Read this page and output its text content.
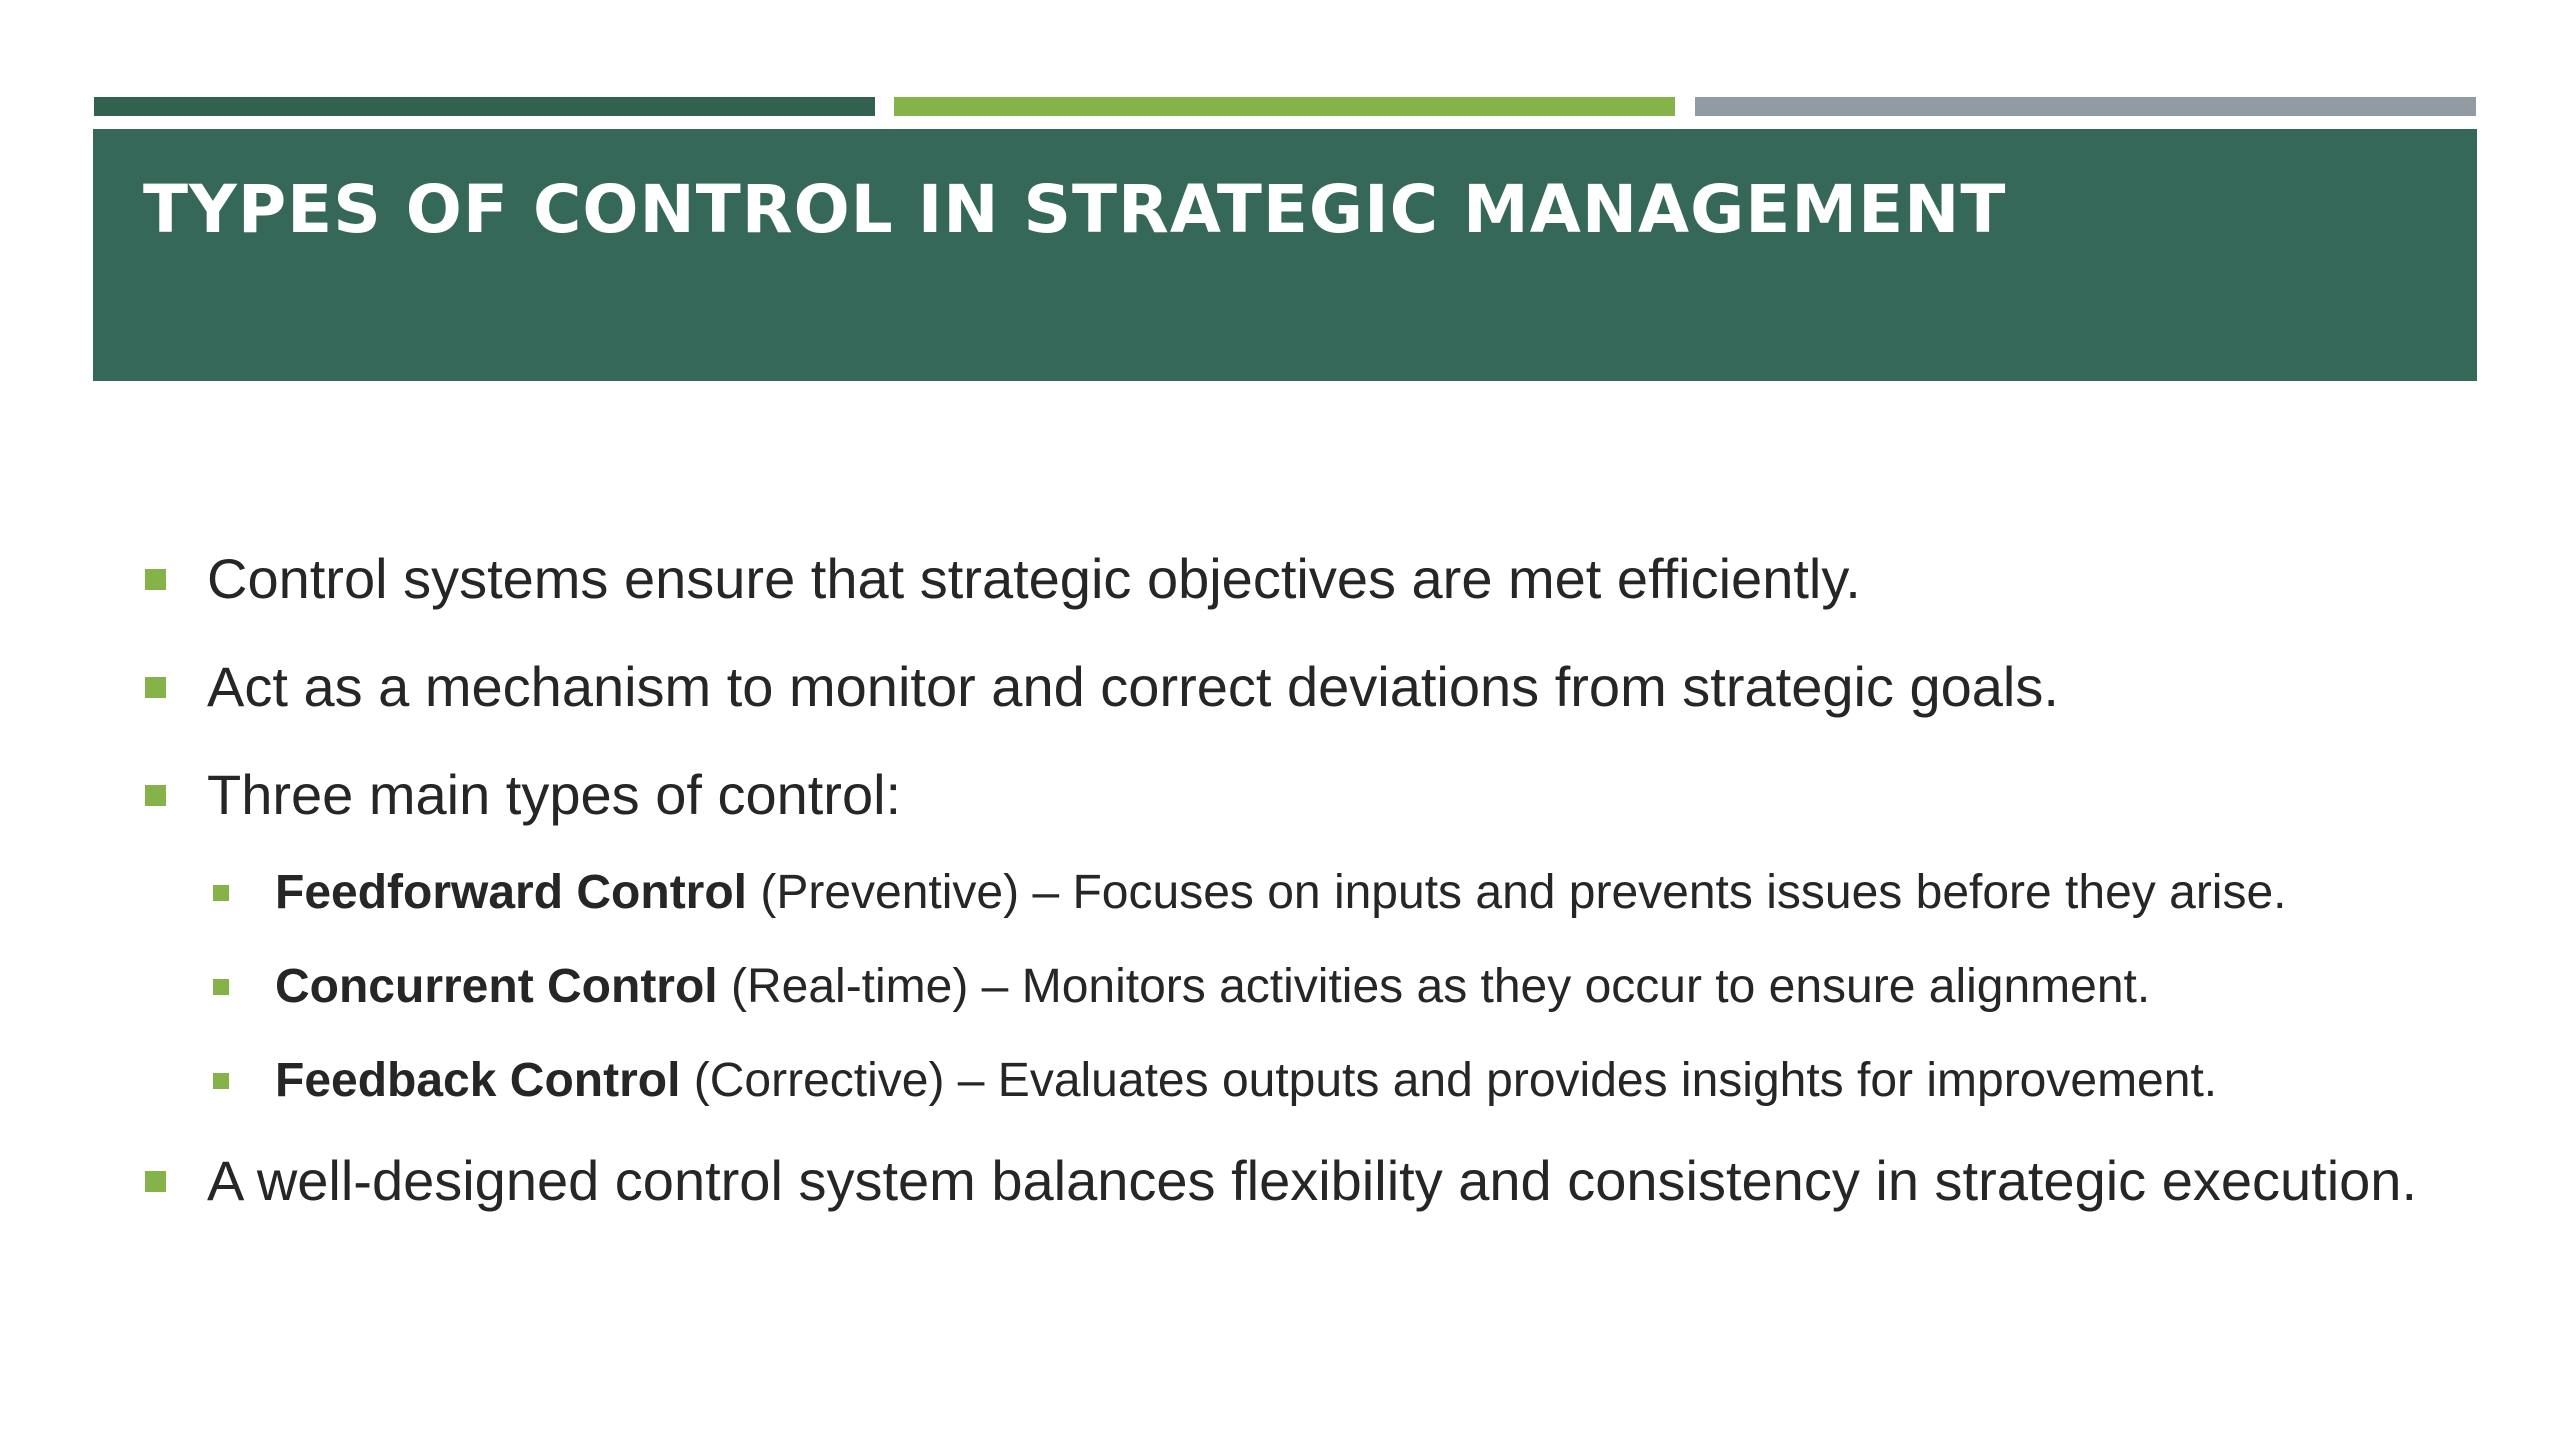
TYPES OF CONTROL IN STRATEGIC MANAGEMENT
Control systems ensure that strategic objectives are met efficiently.
Act as a mechanism to monitor and correct deviations from strategic goals.
Three main types of control:
Feedforward Control (Preventive) – Focuses on inputs and prevents issues before they arise.
Concurrent Control (Real-time) – Monitors activities as they occur to ensure alignment.
Feedback Control (Corrective) – Evaluates outputs and provides insights for improvement.
A well-designed control system balances flexibility and consistency in strategic execution.
